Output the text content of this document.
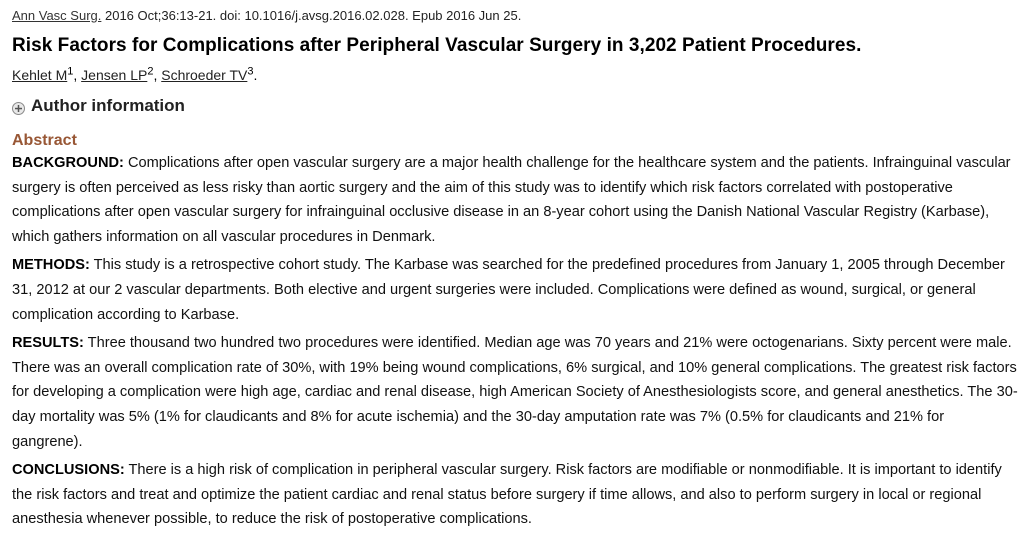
Ann Vasc Surg. 2016 Oct;36:13-21. doi: 10.1016/j.avsg.2016.02.028. Epub 2016 Jun 25.
Risk Factors for Complications after Peripheral Vascular Surgery in 3,202 Patient Procedures.
Kehlet $M^1$, Jensen $LP^2$, Schroeder $TV^3$.
Author information
Abstract

BACKGROUND: Complications after open vascular surgery are a major health challenge for the healthcare system and the patients. Infrainguinal vascular surgery is often perceived as less risky than aortic surgery and the aim of this study was to identify which risk factors correlated with postoperative complications after open vascular surgery for infrainguinal occlusive disease in an 8-year cohort using the Danish National Vascular Registry (Karbase), which gathers information on all vascular procedures in Denmark.

METHODS: This study is a retrospective cohort study. The Karbase was searched for the predefined procedures from January 1, 2005 through December 31, 2012 at our 2 vascular departments. Both elective and urgent surgeries were included. Complications were defined as wound, surgical, or general complication according to Karbase.

RESULTS: Three thousand two hundred two procedures were identified. Median age was 70 years and 21% were octogenarians. Sixty percent were male. There was an overall complication rate of 30%, with 19% being wound complications, 6% surgical, and 10% general complications. The greatest risk factors for developing a complication were high age, cardiac and renal disease, high American Society of Anesthesiologists score, and general anesthetics. The 30-day mortality was 5% (1% for claudicants and 8% for acute ischemia) and the 30-day amputation rate was 7% (0.5% for claudicants and 21% for gangrene).

CONCLUSIONS: There is a high risk of complication in peripheral vascular surgery. Risk factors are modifiable or nonmodifiable. It is important to identify the risk factors and treat and optimize the patient cardiac and renal status before surgery if time allows, and also to perform surgery in local or regional anesthesia whenever possible, to reduce the risk of postoperative complications.
